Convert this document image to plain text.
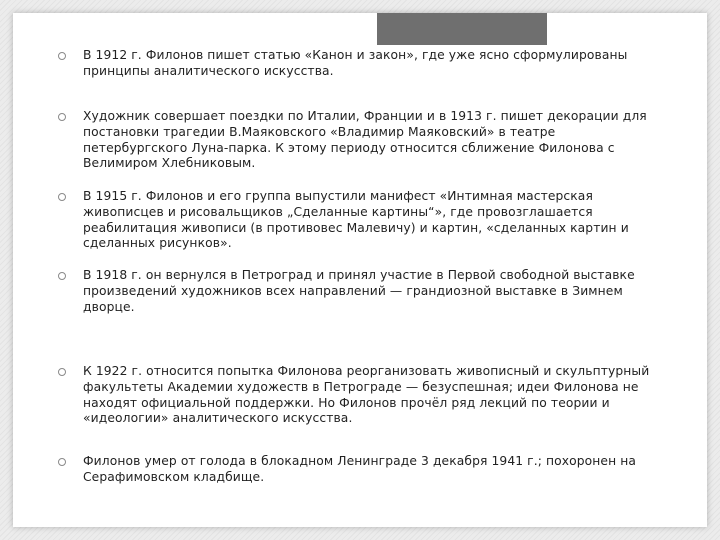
В 1912 г. Филонов пишет статью «Канон и закон», где уже ясно сформулированы принципы аналитического искусства.
Художник совершает поездки по Италии, Франции и в 1913 г. пишет декорации для постановки трагедии В.Маяковского «Владимир Маяковский» в театре петербургского Луна-парка. К этому периоду относится сближение Филонова с Велимиром Хлебниковым.
В 1915 г. Филонов и его группа выпустили манифест «Интимная мастерская живописцев и рисовальщиков „Сделанные картины“», где провозглашается реабилитация живописи (в противовес Малевичу) и картин, «сделанных картин и сделанных рисунков».
В 1918 г. он вернулся в Петроград и принял участие в Первой свободной выставке произведений художников всех направлений — грандиозной выставке в Зимнем дворце.
К 1922 г. относится попытка Филонова реорганизовать живописный и скульптурный факультеты Академии художеств в Петрограде — безуспешная; идеи Филонова не находят официальной поддержки. Но Филонов прочёл ряд лекций по теории и «идеологии» аналитического искусства.
Филонов умер от голода в блокадном Ленинграде 3 декабря 1941 г.; похоронен на Серафимовском кладбище.
